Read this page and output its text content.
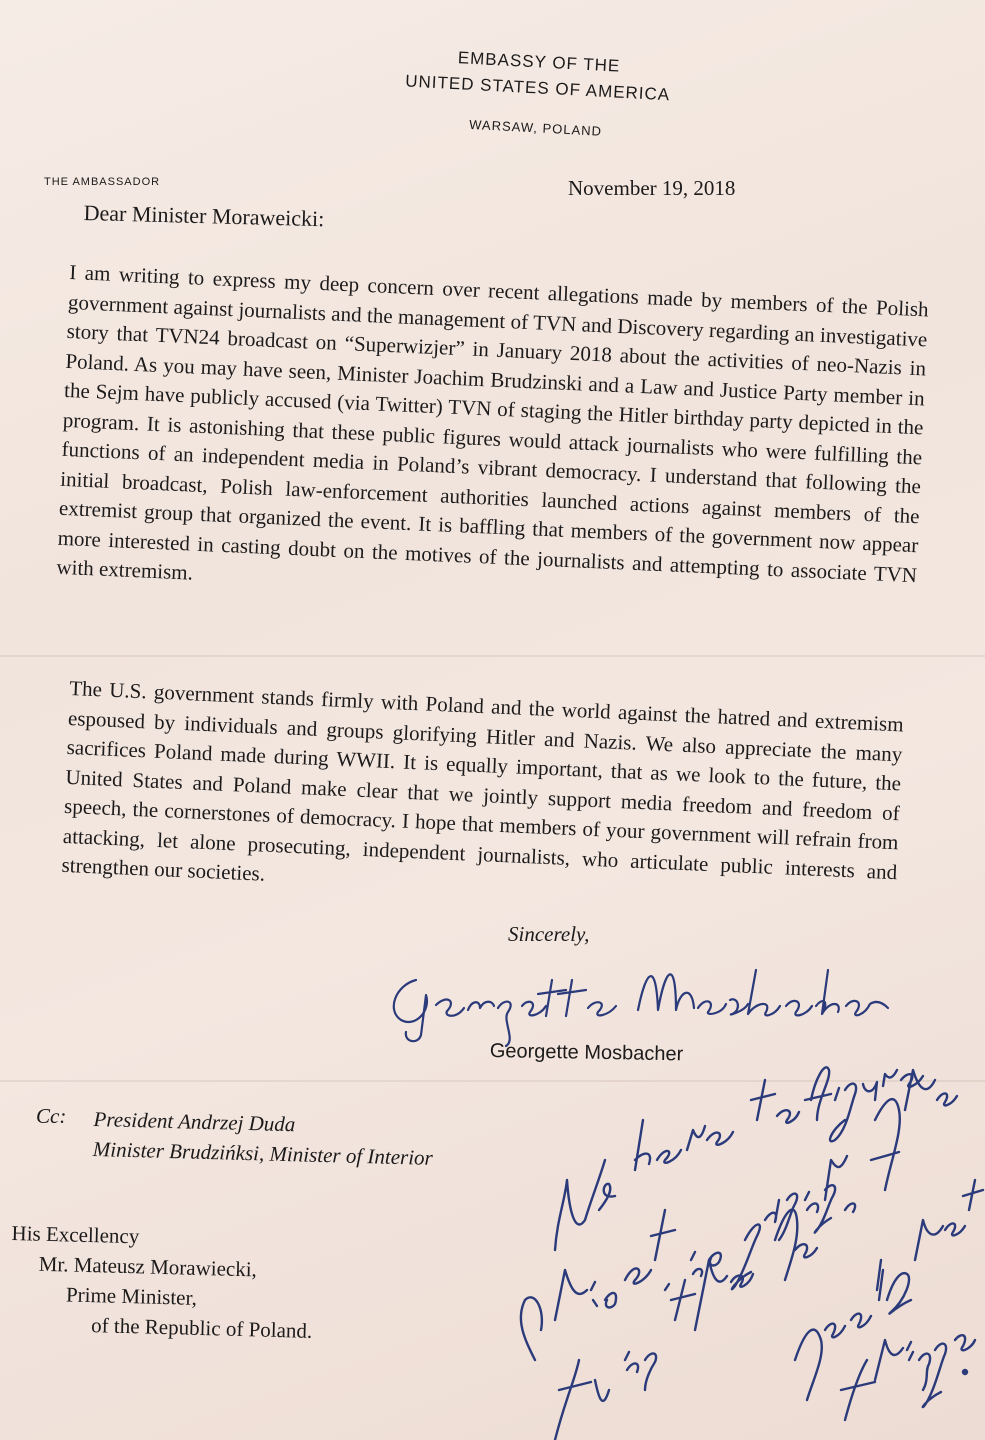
EMBASSY OF THE
UNITED STATES OF AMERICA
WARSAW, POLAND
THE AMBASSADOR	November 19, 2018
Dear Minister Moraweicki:
I am writing to express my deep concern over recent allegations made by members of the Polish government against journalists and the management of TVN and Discovery regarding an investigative story that TVN24 broadcast on “Superwizjer” in January 2018 about the activities of neo-Nazis in Poland. As you may have seen, Minister Joachim Brudzinski and a Law and Justice Party member in the Sejm have publicly accused (via Twitter) TVN of staging the Hitler birthday party depicted in the program. It is astonishing that these public figures would attack journalists who were fulfilling the functions of an independent media in Poland’s vibrant democracy. I understand that following the initial broadcast, Polish law-enforcement authorities launched actions against members of the extremist group that organized the event. It is baffling that members of the government now appear more interested in casting doubt on the motives of the journalists and attempting to associate TVN with extremism.
The U.S. government stands firmly with Poland and the world against the hatred and extremism espoused by individuals and groups glorifying Hitler and Nazis. We also appreciate the many sacrifices Poland made during WWII. It is equally important, that as we look to the future, the United States and Poland make clear that we jointly support media freedom and freedom of speech, the cornerstones of democracy. I hope that members of your government will refrain from attacking, let alone prosecuting, independent journalists, who articulate public interests and strengthen our societies.
Sincerely,
Georgette Mosbacher
Cc: President Andrzej Duda
Minister Brudzińksi, Minister of Interior
His Excellency
Mr. Mateusz Morawiecki,
Prime Minister,
of the Republic of Poland.
